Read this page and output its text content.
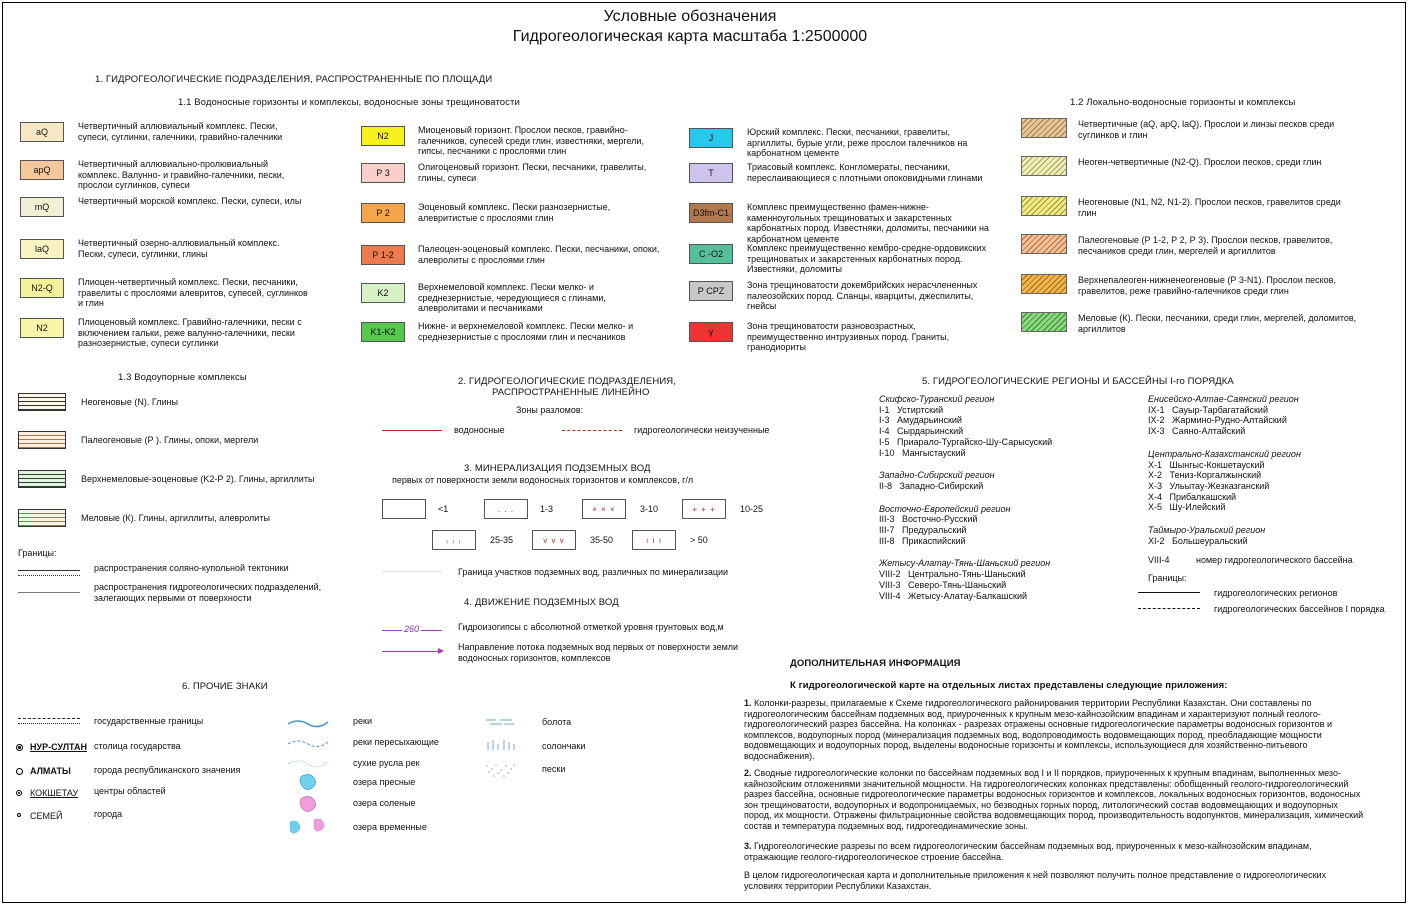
Условные обозначения
Гидрогеологическая карта масштаба 1:2500000
1. ГИДРОГЕОЛОГИЧЕСКИЕ ПОДРАЗДЕЛЕНИЯ, РАСПРОСТРАНЕННЫЕ ПО ПЛОЩАДИ
1.1 Водоносные горизонты и комплексы, водоносные зоны трещиноватости	1.2 Локально-водоносные горизонты и комплексы
aQ
Четвертичный аллювиальный комплекс. Пески, супеси, суглинки, галечники, гравийно-галечники
apQ
Четвертичный аллювиально-пролювиальный комплекс. Валунно- и гравийно-галечники, пески, прослои суглинков, супеси
mQ
Четвертичный морской комплекс. Пески, супеси, илы
laQ
Четвертичный озерно-аллювиальный комплекс. Пески, супеси, суглинки, глины
N2-Q
Плиоцен-четвертичный комплекс. Пески, песчаники, гравелиты с прослоями алевритов, супесей, суглинков и глин
N2
Плиоценовый комплекс. Гравийно-галечники, пески с включением гальки, реже валунно-галечники, пески разнозернистые, супеси суглинки
N2
Миоценовый горизонт. Прослои песков, гравийно-галечников, супесей среди глин, известняки, мергели, гипсы, песчаники с прослоями глин
Р 3
Олигоценовый горизонт. Пески, песчаники, гравелиты, глины, супеси
Р 2
Эоценовый комплекс. Пески разнозернистые, алевритистые с прослоями глин
Р 1-2
Палеоцен-эоценовый комплекс. Пески, песчаники, опоки, алевролиты с прослоями глин
K2
Верхнемеловой комплекс. Пески мелко- и среднезернистые, чередующиеся с глинами, алевролитами и песчаниками
K1-K2
Нижне- и верхнемеловой комплекс. Пески мелко- и среднезернистые с прослоями глин и песчаников
J
Юрский комплекс. Пески, песчаники, гравелиты, аргиллиты, бурые угли, реже прослои галечников на карбонатном цементе
T
Триасовый комплекс. Конгломераты, песчаники, переслаивающиеся с плотными опоковидными глинами
D3fm-C1
Комплекс преимущественно фамен-нижне-каменноугольных трещиноватых и закарстенных карбонатных пород. Известняки, доломиты, песчаники на карбонатном цементе
С -О2
Комплекс преимущественно кембро-средне-ордовикских трещиноватых и закарстенных карбонатных пород. Известняки, доломиты
Р СРZ
Зона трещиноватости докембрийских нерасчлененных палеозойских пород. Сланцы, кварциты, джеспилиты, гнейсы
γ
Зона трещиноватости разновозрастных, преимущественно интрузивных пород. Граниты, гранодиориты
Четвертичные (aQ, apQ, laQ). Прослои и линзы песков среди суглинков и глин
Неоген-четвертичные (N2-Q). Прослои песков, среди глин
Неогеновые (N1, N2, N1-2). Прослои песков, гравелитов среди глин
Палеогеновые (Р 1-2, Р 2, Р 3). Прослои песков, гравелитов, песчаников среди глин, мергелей и аргиллитов
Верхнепалеоген-нижненеогеновые (Р 3-N1). Прослои песков, гравелитов, реже гравийно-галечников среди глин
Меловые (К). Пески, песчаники, среди глин, мергелей, доломитов, аргиллитов
1.3 Водоупорные комплексы
Неогеновые (N). Глины
Палеогеновые (Р ). Глины, опоки, мергели
Верхнемеловые-эоценовые (K2-Р 2). Глины, аргиллиты
Меловые (К). Глины, аргиллиты, алевролиты
Границы:
распространения соляно-купольной тектоники
распространения гидрогеологических подразделений, залегающих первыми от поверхности
2. ГИДРОГЕОЛОГИЧЕСКИЕ ПОДРАЗДЕЛЕНИЯ,
РАСПРОСТРАНЕННЫЕ ЛИНЕЙНО
Зоны разломов:
водоносные	гидрогеологически неизученные
3. МИНЕРАЛИЗАЦИЯ ПОДЗЕМНЫХ ВОД
первых от поверхности земли водоносных горизонтов и комплексов, г/л
<1	. . .	1-3	× × ×	3-10	+ + +	10-25
ᵣ ᵣ ᵣ	25-35	v v v	35-50	ı ı ı	> 50
Граница участков подземных вод, различных по минерализации
4. ДВИЖЕНИЕ ПОДЗЕМНЫХ ВОД
260	Гидроизогипсы с абсолютной отметкой уровня грунтовых вод,м
Направление потока подземных вод первых от поверхности земли водоносных горизонтов, комплексов
5. ГИДРОГЕОЛОГИЧЕСКИЕ РЕГИОНЫ И БАССЕЙНЫ I-го ПОРЯДКА
Скифско-Туранский регион
I-1   Устиртский
I-3   Амударьинский
I-4   Сырдарьинский
I-5   Приарало-Тургайско-Шу-Сарысуский
I-10   Мангыстауский
Западно-Сибирский регион
II-8   Западно-Сибирский
Восточно-Европейский регион
III-3   Восточно-Русский
III-7   Предуральский
III-8   Прикаспийский
Жетысу-Алатау-Тянь-Шаньский регион
VIII-2   Центрально-Тянь-Шаньский
VIII-3   Северо-Тянь-Шаньский
VIII-4   Жетысу-Алатау-Балкашский
Енисейско-Алтае-Саянский регион
IX-1   Сауыр-Тарбагатайский
IX-2   Жармино-Рудно-Алтайский
IX-3   Саяно-Алтайский
Центрально-Казахстанский регион
X-1   Шынгыс-Кокшетауский
X-2   Тениз-Коргалжынский
X-3   Ульытау-Жезказганский
X-4   Прибалкашский
X-5   Шу-Илейский
Таймыро-Уральский регион
XI-2   Большеуральский
VIII-4	номер гидрогеологического бассейна
Границы:
гидрогеологических регионов
гидрогеологических бассейнов I порядка
6. ПРОЧИЕ ЗНАКИ
государственные границы
НУР-СУЛТАН столица государства
АЛМАТЫ	города республиканского значения
КОКШЕТАУ центры областей
СЕМЕЙ	города
реки
реки пересыхающие
сухие русла рек
озера пресные
озера соленые
озера временные
болота
солончаки
пески
ДОПОЛНИТЕЛЬНАЯ ИНФОРМАЦИЯ
К гидрогеологической карте на отдельных листах представлены следующие приложения:
1. Колонки-разрезы, прилагаемые к Схеме гидрогеологического районирования территории Республики Казахстан. Они составлены по гидрогеологическим бассейнам подземных вод, приуроченных к крупным мезо-кайнозойским впадинам и характеризуют полный геолого-гидрогеологический разрез бассейна. На колонках - разрезах отражены основные гидрогеологические параметры водоносных горизонтов и комплексов, водоупорных пород (минерализация подземных вод, водопроводимость водовмещающих пород, преобладающие мощности водовмещающих и водоупорных пород, выделены водоносные горизонты и комплексы, использующиеся для хозяйственно-питьевого водоснабжения).
2. Сводные гидрогеологические колонки по бассейнам подземных вод I и II порядков, приуроченных к крупным впадинам, выполненных мезо-кайнозойским отложениями значительной мощности. На гидрогеологических колонках представлены: обобщенный геолого-гидрогеологический разрез бассейна, основные гидрогеологические параметры водоносных горизонтов и комплексов, локальных водоносных горизонтов, водоносных зон трещиноватости, водоупорных и водопроницаемых, но безводных горных пород, литологический состав водовмещающих и водоупорных пород, их мощности. Отражены фильтрационные свойства водовмещающих пород, производительность водопунктов, минерализация, химический состав и температура подземных вод, гидрогеодинамические зоны.
3. Гидрогеологические разрезы по всем гидрогеологическим бассейнам подземных вод, приуроченных к мезо-кайнозойским впадинам, отражающие геолого-гидрогеологическое строение бассейна.
В целом гидрогеологическая карта и дополнительные приложения к ней позволяют получить полное представление о гидрогеологических условиях территории Республики Казахстан.
